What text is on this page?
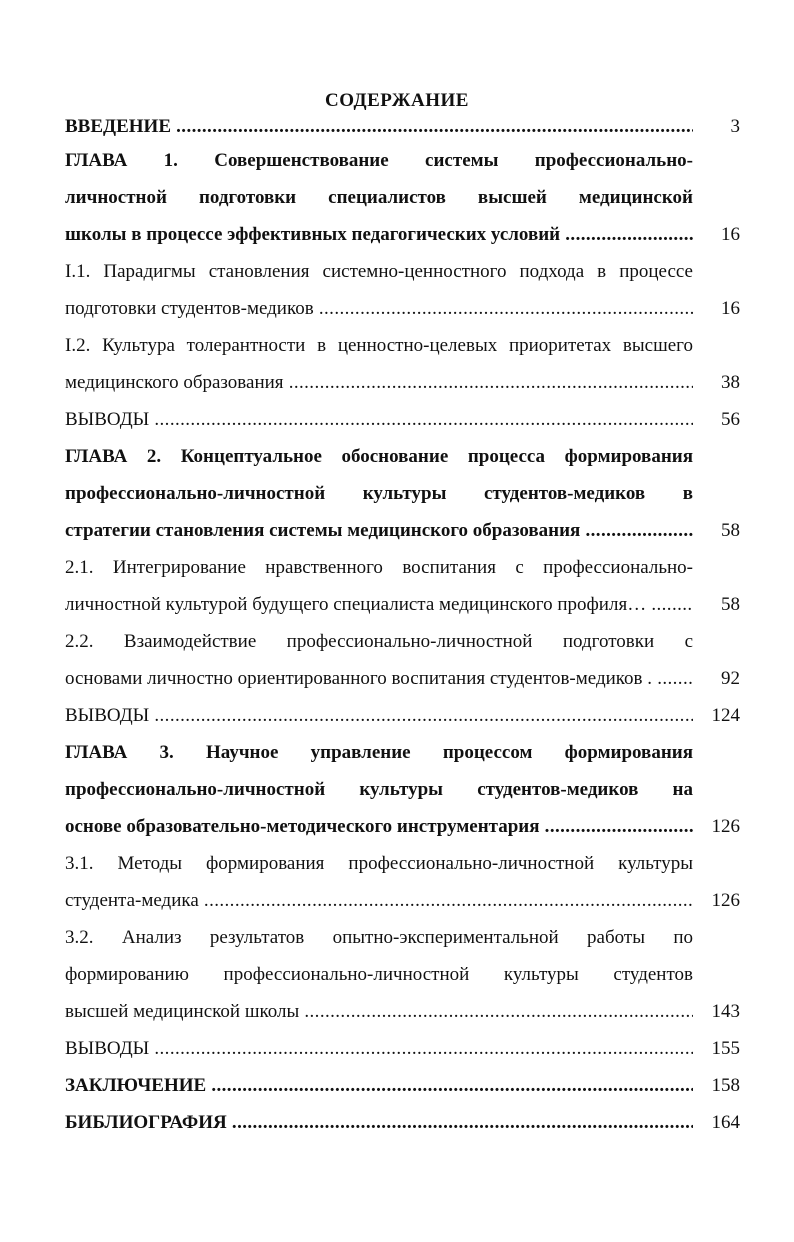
СОДЕРЖАНИЕ
ВВЕДЕНИЕ .....	3
ГЛАВА 1. Совершенствование системы профессионально-
личностной подготовки специалистов высшей медицинской
школы в процессе эффективных педагогических условий .....	16
I.1. Парадигмы становления системно-ценностного подхода в процессе
подготовки студентов-медиков .....	16
I.2. Культура толерантности в ценностно-целевых приоритетах высшего
медицинского образования .....	38
ВЫВОДЫ .....	56
ГЛАВА 2. Концептуальное обоснование процесса формирования
профессионально-личностной культуры студентов-медиков в
стратегии становления системы медицинского образования .....	58
2.1. Интегрирование нравственного воспитания с профессионально-
личностной культурой будущего специалиста медицинского профиля… .....	58
2.2. Взаимодействие профессионально-личностной подготовки с
основами личностно ориентированного воспитания студентов-медиков . .....	92
ВЫВОДЫ .....	124
ГЛАВА 3. Научное управление процессом формирования
профессионально-личностной культуры студентов-медиков на
основе образовательно-методического инструментария .....	126
3.1. Методы формирования профессионально-личностной культуры
студента-медика .....	126
3.2. Анализ результатов опытно-экспериментальной работы по
формированию профессионально-личностной культуры студентов
высшей медицинской школы .....	143
ВЫВОДЫ .....	155
ЗАКЛЮЧЕНИЕ .....	158
БИБЛИОГРАФИЯ .....	164
